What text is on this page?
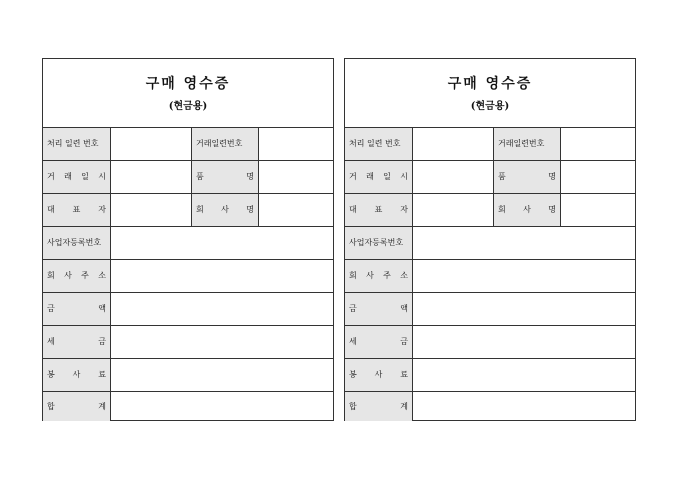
구매 영수증
(현금용)
처리 일련 번호	거래일련번호
거 래 일 시	품 명
대 표 자	회 사 명
사업자등록번호
회 사 주 소
금 액
세 금
봉 사 료
합 계
구매 영수증
(현금용)
처리 일련 번호	거래일련번호
거 래 일 시	품 명
대 표 자	회 사 명
사업자등록번호
회 사 주 소
금 액
세 금
봉 사 료
합 계
